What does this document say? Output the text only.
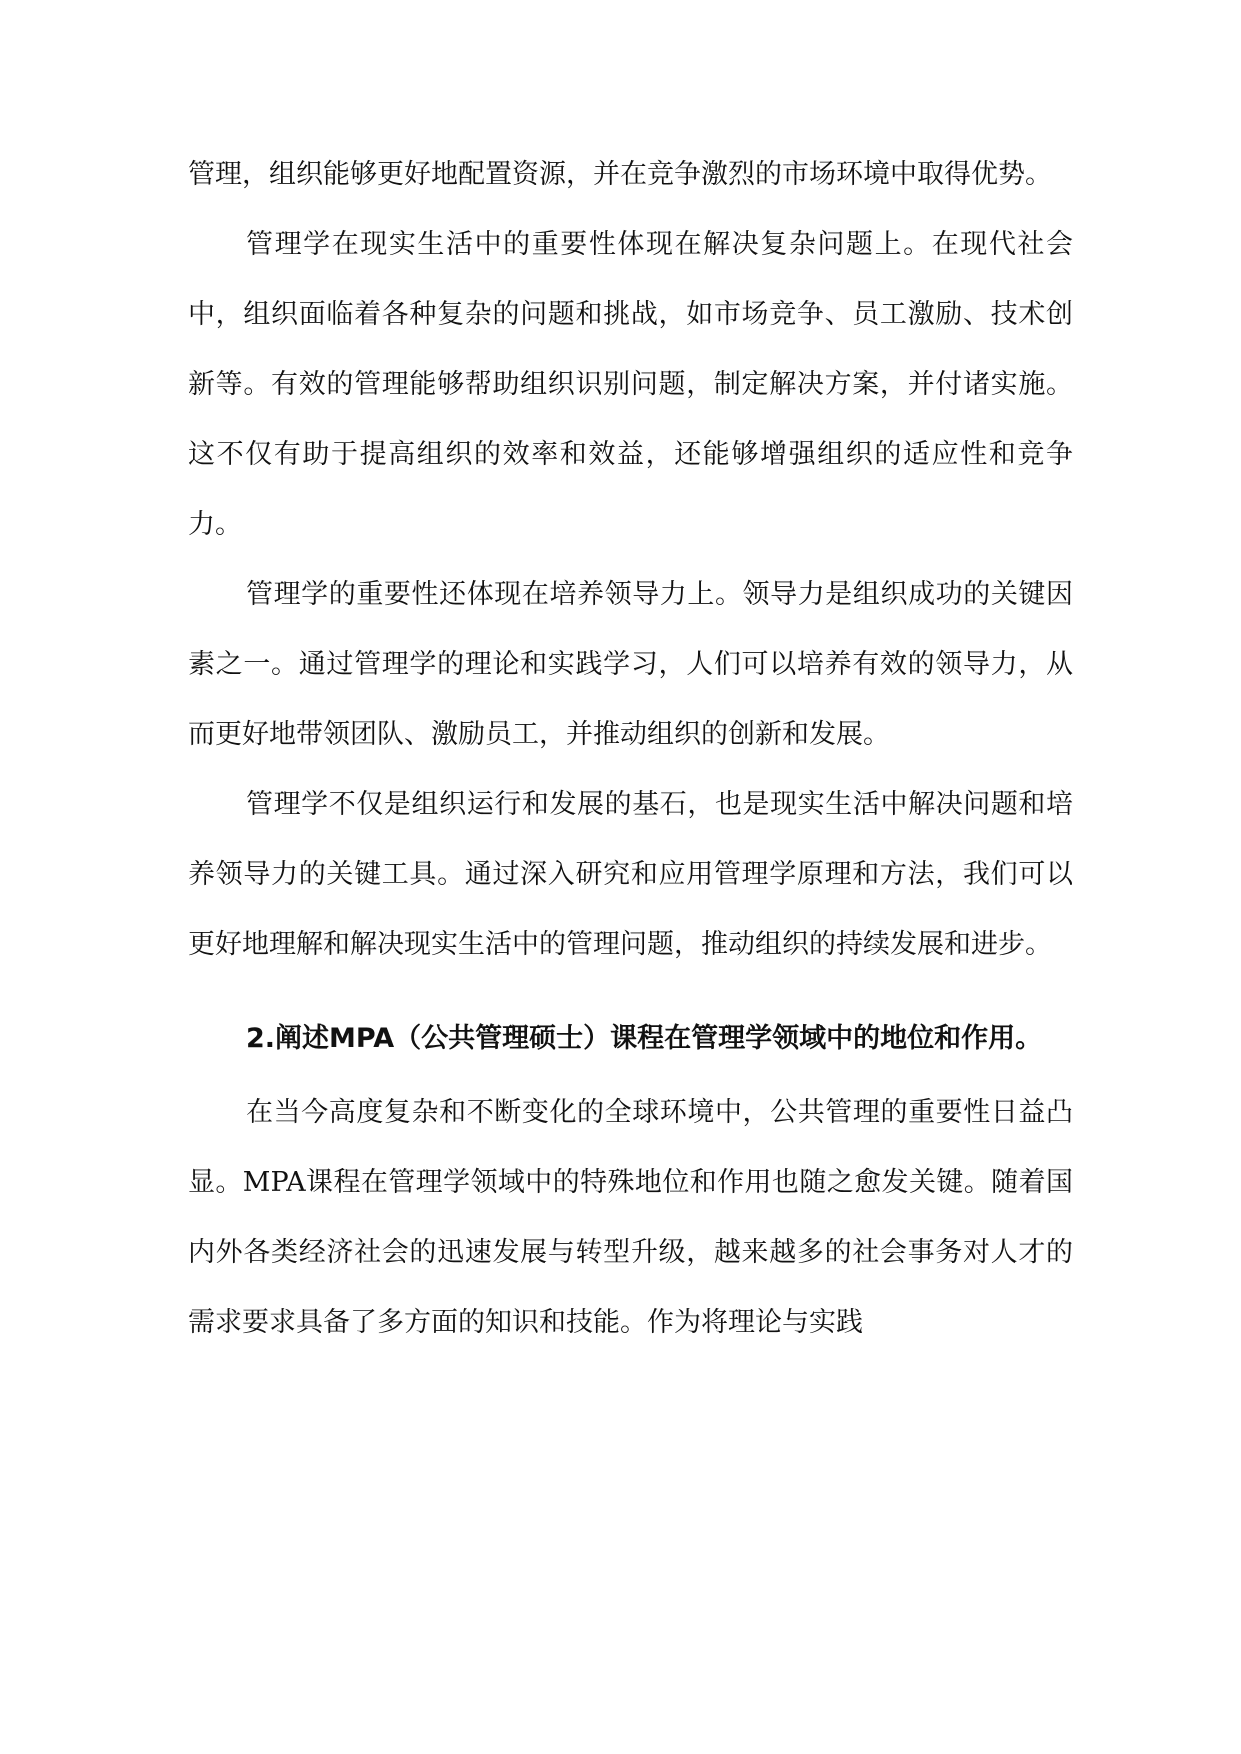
管理，组织能够更好地配置资源，并在竞争激烈的市场环境中取得优势。

管理学在现实生活中的重要性体现在解决复杂问题上。在现代社会中，组织面临着各种复杂的问题和挑战，如市场竞争、员工激励、技术创新等。有效的管理能够帮助组织识别问题，制定解决方案，并付诸实施。这不仅有助于提高组织的效率和效益，还能够增强组织的适应性和竞争力。

管理学的重要性还体现在培养领导力上。领导力是组织成功的关键因素之一。通过管理学的理论和实践学习，人们可以培养有效的领导力，从而更好地带领团队、激励员工，并推动组织的创新和发展。

管理学不仅是组织运行和发展的基石，也是现实生活中解决问题和培养领导力的关键工具。通过深入研究和应用管理学原理和方法，我们可以更好地理解和解决现实生活中的管理问题，推动组织的持续发展和进步。

2.阐述MPA（公共管理硕士）课程在管理学领域中的地位和作用。

在当今高度复杂和不断变化的全球环境中，公共管理的重要性日益凸显。MPA课程在管理学领域中的特殊地位和作用也随之愈发关键。随着国内外各类经济社会的迅速发展与转型升级，越来越多的社会事务对人才的需求要求具备了多方面的知识和技能。作为将理论与实践
